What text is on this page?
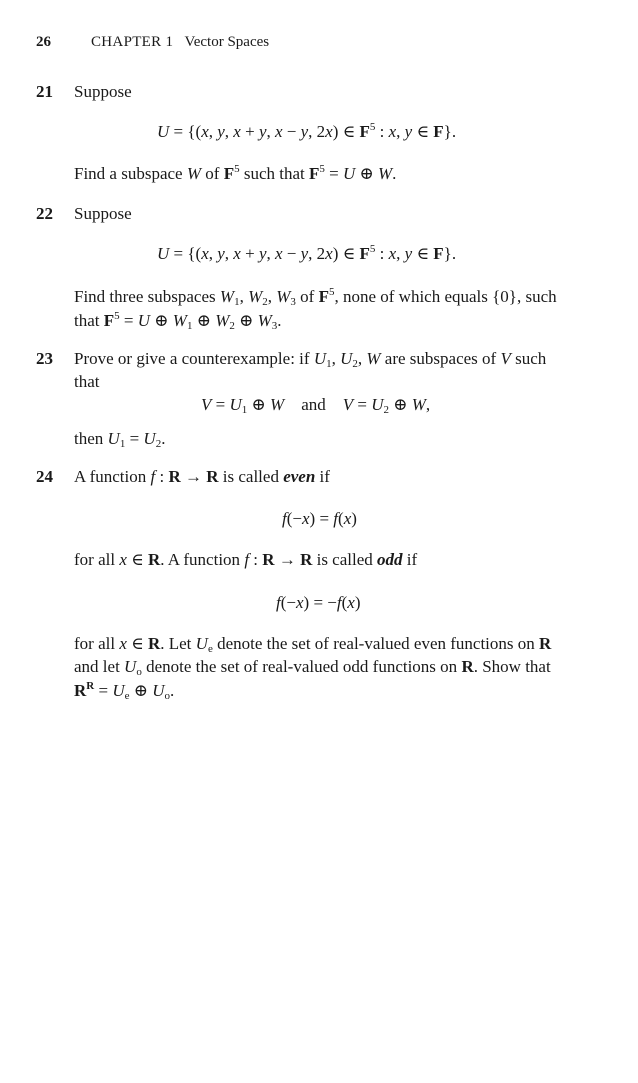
26	CHAPTER 1 Vector Spaces
21 Suppose
U = {(x, y, x + y, x − y, 2x) ∈ $F^5$ : x, y ∈ F}.
Find a subspace W of $F^5$ such that $F^5 = U$ ⊕ W.
22 Suppose
U = {(x, y, x + y, x − y, 2x) ∈ $F^5$ : x, y ∈ F}.
Find three subspaces $W_1$, $W_2$, $W_3$ of $F^5$, none of which equals {0}, such
that $F^5 = U$ ⊕ $W_1$ ⊕ $W_2$ ⊕ $W_3$.
23 Prove or give a counterexample: if $U_1$, $U_2$, W are subspaces of V such
that
$V = U_1$ ⊕ W    and    $V = U_2$ ⊕ W,
then $U_1 = U_2$.
24 A function f : R → R is called even if
f(−x) = f(x)
for all x ∈ R. A function f : R → R is called odd if
f(−x) = −f(x)
for all x ∈ R. Let $U_e$ denote the set of real-valued even functions on R
and let $U_o$ denote the set of real-valued odd functions on R. Show that
$R^R = U_e$ ⊕ $U_o$.
